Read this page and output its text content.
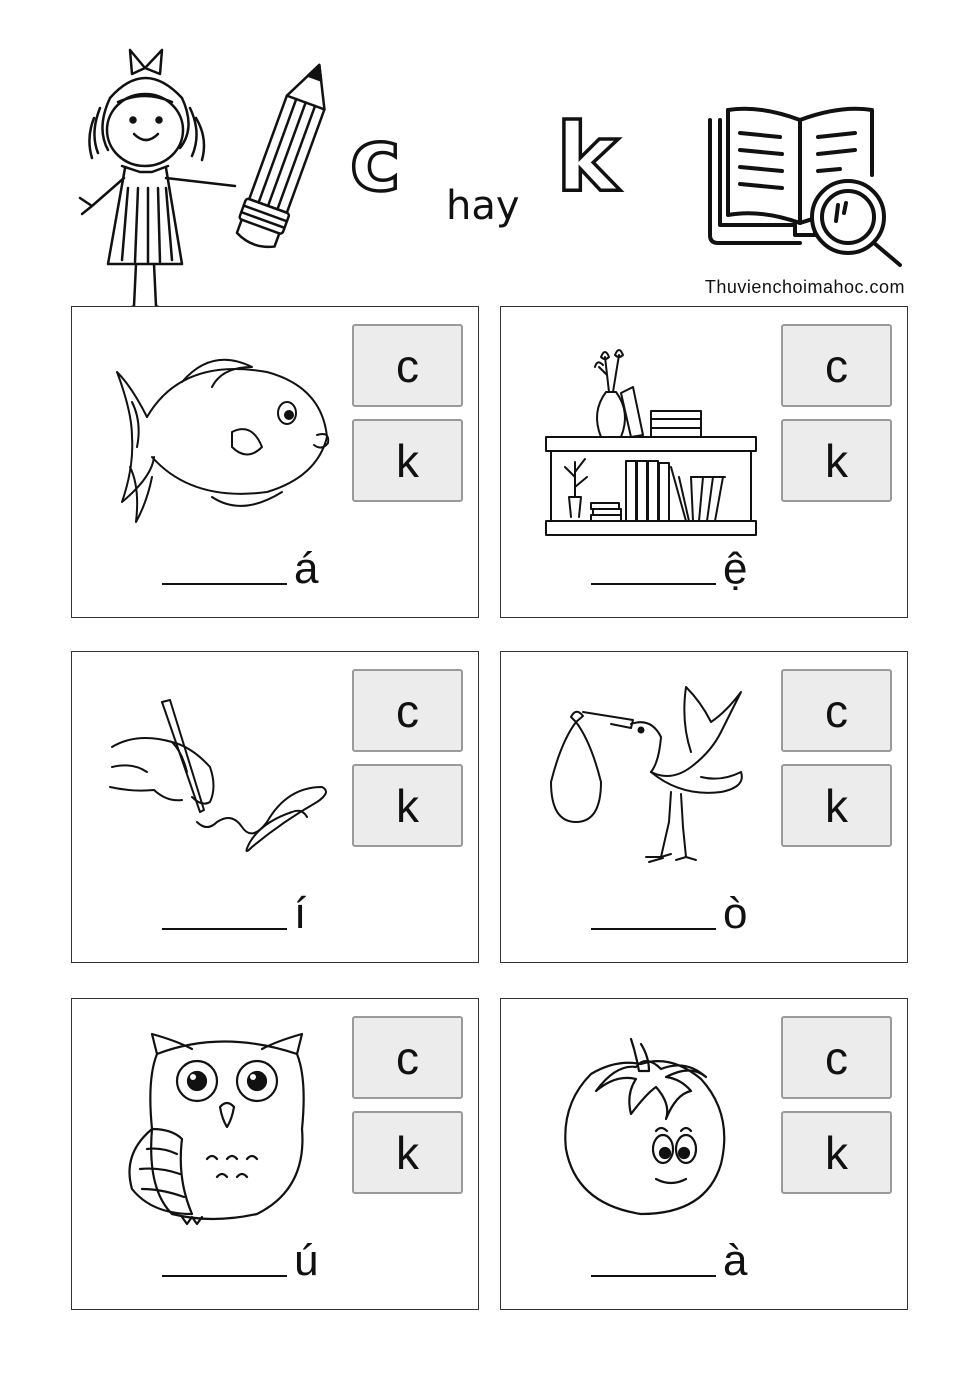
c hay k
Thuvienchoimahoc.com
c
k
á
c
k
ệ
c
k
í
c
k
ò
c
k
ú
c
k
à
